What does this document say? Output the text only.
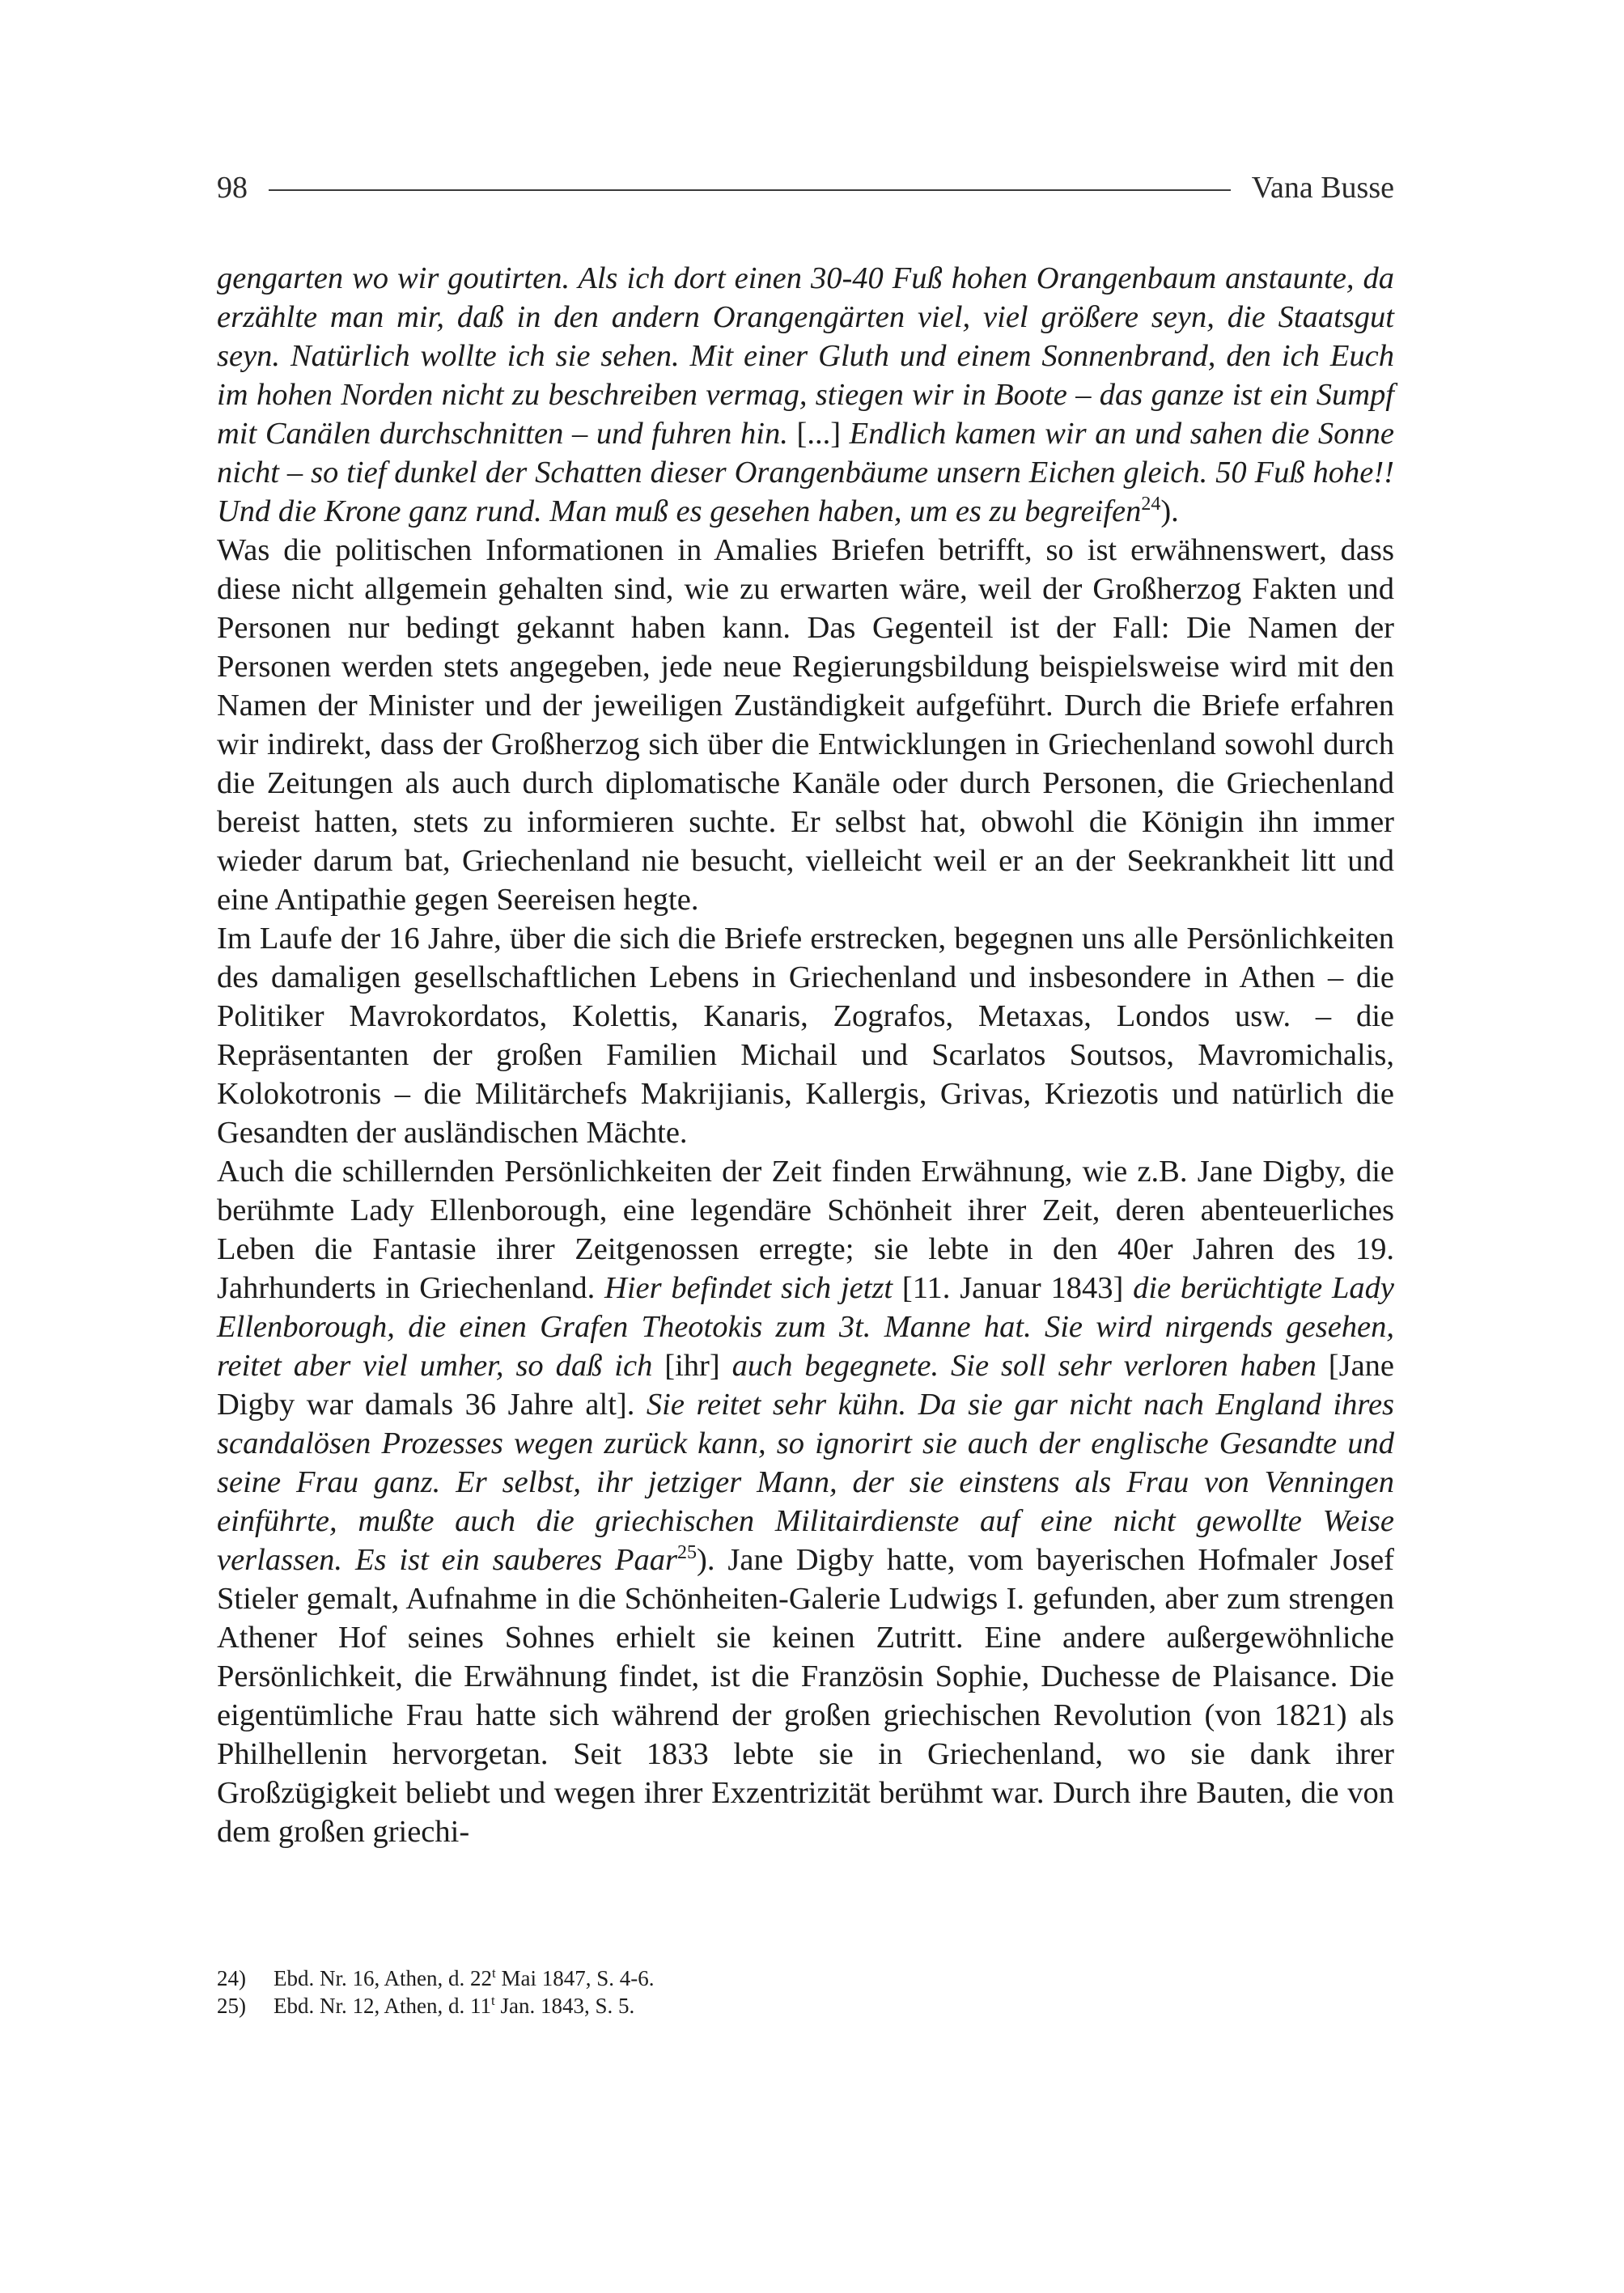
98	Vana Busse

gengarten wo wir goutirten. Als ich dort einen 30-40 Fuß hohen Orangenbaum anstaunte, da erzählte man mir, daß in den andern Orangengärten viel, viel größere seyn, die Staatsgut seyn. Natürlich wollte ich sie sehen. Mit einer Gluth und einem Sonnenbrand, den ich Euch im hohen Norden nicht zu beschreiben vermag, stiegen wir in Boote – das ganze ist ein Sumpf mit Canälen durchschnitten – und fuhren hin. [...] Endlich kamen wir an und sahen die Sonne nicht – so tief dunkel der Schatten dieser Orangenbäume unsern Eichen gleich. 50 Fuß hohe!! Und die Krone ganz rund. Man muß es gesehen haben, um es zu begreifen$^{24}$).

Was die politischen Informationen in Amalies Briefen betrifft, so ist erwähnenswert, dass diese nicht allgemein gehalten sind, wie zu erwarten wäre, weil der Großherzog Fakten und Personen nur bedingt gekannt haben kann. Das Gegenteil ist der Fall: Die Namen der Personen werden stets angegeben, jede neue Regierungsbildung beispielsweise wird mit den Namen der Minister und der jeweiligen Zuständigkeit aufgeführt. Durch die Briefe erfahren wir indirekt, dass der Großherzog sich über die Entwicklungen in Griechenland sowohl durch die Zeitungen als auch durch diplomatische Kanäle oder durch Personen, die Griechenland bereist hatten, stets zu informieren suchte. Er selbst hat, obwohl die Königin ihn immer wieder darum bat, Griechenland nie besucht, vielleicht weil er an der Seekrankheit litt und eine Antipathie gegen Seereisen hegte.

Im Laufe der 16 Jahre, über die sich die Briefe erstrecken, begegnen uns alle Persönlichkeiten des damaligen gesellschaftlichen Lebens in Griechenland und insbesondere in Athen – die Politiker Mavrokordatos, Kolettis, Kanaris, Zografos, Metaxas, Londos usw. – die Repräsentanten der großen Familien Michail und Scarlatos Soutsos, Mavromichalis, Kolokotronis – die Militärchefs Makrijianis, Kallergis, Grivas, Kriezotis und natürlich die Gesandten der ausländischen Mächte.

Auch die schillernden Persönlichkeiten der Zeit finden Erwähnung, wie z.B. Jane Digby, die berühmte Lady Ellenborough, eine legendäre Schönheit ihrer Zeit, deren abenteuerliches Leben die Fantasie ihrer Zeitgenossen erregte; sie lebte in den 40er Jahren des 19. Jahrhunderts in Griechenland. Hier befindet sich jetzt [11. Januar 1843] die berüchtigte Lady Ellenborough, die einen Grafen Theotokis zum 3t. Manne hat. Sie wird nirgends gesehen, reitet aber viel umher, so daß ich [ihr] auch begegnete. Sie soll sehr verloren haben [Jane Digby war damals 36 Jahre alt]. Sie reitet sehr kühn. Da sie gar nicht nach England ihres scandalösen Prozesses wegen zurück kann, so ignorirt sie auch der englische Gesandte und seine Frau ganz. Er selbst, ihr jetziger Mann, der sie einstens als Frau von Venningen einführte, mußte auch die griechischen Militairdienste auf eine nicht gewollte Weise verlassen. Es ist ein sauberes Paar$^{25}$). Jane Digby hatte, vom bayerischen Hofmaler Josef Stieler gemalt, Aufnahme in die Schönheiten-Galerie Ludwigs I. gefunden, aber zum strengen Athener Hof seines Sohnes erhielt sie keinen Zutritt. Eine andere außergewöhnliche Persönlichkeit, die Erwähnung findet, ist die Französin Sophie, Duchesse de Plaisance. Die eigentümliche Frau hatte sich während der großen griechischen Revolution (von 1821) als Philhellenin hervorgetan. Seit 1833 lebte sie in Griechenland, wo sie dank ihrer Großzügigkeit beliebt und wegen ihrer Exzentrizität berühmt war. Durch ihre Bauten, die von dem großen griechi-

24)	Ebd. Nr. 16, Athen, d. 22$^t$ Mai 1847, S. 4-6.
25)	Ebd. Nr. 12, Athen, d. 11$^t$ Jan. 1843, S. 5.
